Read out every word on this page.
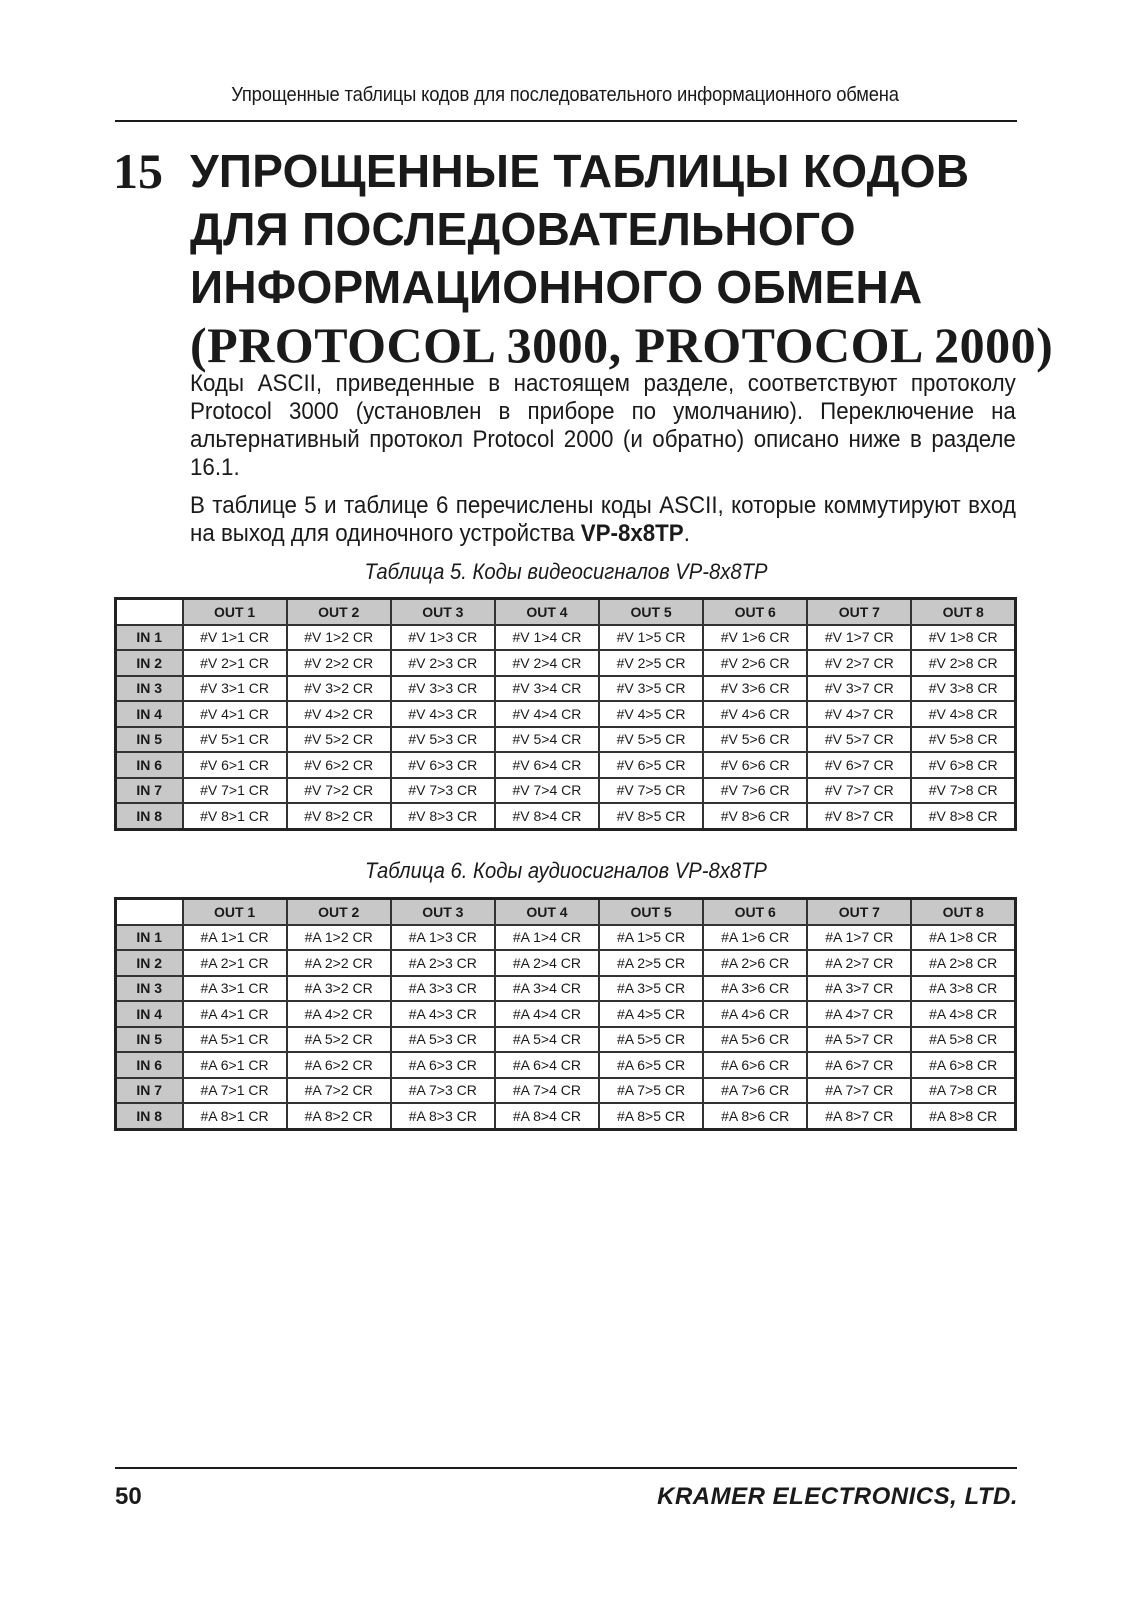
Упрощенные таблицы кодов для последовательного информационного обмена
15 УПРОЩЕННЫЕ ТАБЛИЦЫ КОДОВ
ДЛЯ ПОСЛЕДОВАТЕЛЬНОГО
ИНФОРМАЦИОННОГО ОБМЕНА
(PROTOCOL 3000, PROTOCOL 2000)

Коды ASCII, приведенные в настоящем разделе, соответствуют протоколу Protocol 3000 (установлен в приборе по умолчанию). Переключение на альтернативный протокол Protocol 2000 (и обратно) описано ниже в разделе 16.1.

В таблице 5 и таблице 6 перечислены коды ASCII, которые коммутируют вход на выход для одиночного устройства VP-8x8TP.

Таблица 5. Коды видеосигналов VP-8x8TP
	OUT 1	OUT 2	OUT 3	OUT 4	OUT 5	OUT 6	OUT 7	OUT 8
IN 1	#V 1>1 CR	#V 1>2 CR	#V 1>3 CR	#V 1>4 CR	#V 1>5 CR	#V 1>6 CR	#V 1>7 CR	#V 1>8 CR
IN 2	#V 2>1 CR	#V 2>2 CR	#V 2>3 CR	#V 2>4 CR	#V 2>5 CR	#V 2>6 CR	#V 2>7 CR	#V 2>8 CR
IN 3	#V 3>1 CR	#V 3>2 CR	#V 3>3 CR	#V 3>4 CR	#V 3>5 CR	#V 3>6 CR	#V 3>7 CR	#V 3>8 CR
IN 4	#V 4>1 CR	#V 4>2 CR	#V 4>3 CR	#V 4>4 CR	#V 4>5 CR	#V 4>6 CR	#V 4>7 CR	#V 4>8 CR
IN 5	#V 5>1 CR	#V 5>2 CR	#V 5>3 CR	#V 5>4 CR	#V 5>5 CR	#V 5>6 CR	#V 5>7 CR	#V 5>8 CR
IN 6	#V 6>1 CR	#V 6>2 CR	#V 6>3 CR	#V 6>4 CR	#V 6>5 CR	#V 6>6 CR	#V 6>7 CR	#V 6>8 CR
IN 7	#V 7>1 CR	#V 7>2 CR	#V 7>3 CR	#V 7>4 CR	#V 7>5 CR	#V 7>6 CR	#V 7>7 CR	#V 7>8 CR
IN 8	#V 8>1 CR	#V 8>2 CR	#V 8>3 CR	#V 8>4 CR	#V 8>5 CR	#V 8>6 CR	#V 8>7 CR	#V 8>8 CR
Таблица 6. Коды аудиосигналов VP-8x8TP
	OUT 1	OUT 2	OUT 3	OUT 4	OUT 5	OUT 6	OUT 7	OUT 8
IN 1	#A 1>1 CR	#A 1>2 CR	#A 1>3 CR	#A 1>4 CR	#A 1>5 CR	#A 1>6 CR	#A 1>7 CR	#A 1>8 CR
IN 2	#A 2>1 CR	#A 2>2 CR	#A 2>3 CR	#A 2>4 CR	#A 2>5 CR	#A 2>6 CR	#A 2>7 CR	#A 2>8 CR
IN 3	#A 3>1 CR	#A 3>2 CR	#A 3>3 CR	#A 3>4 CR	#A 3>5 CR	#A 3>6 CR	#A 3>7 CR	#A 3>8 CR
IN 4	#A 4>1 CR	#A 4>2 CR	#A 4>3 CR	#A 4>4 CR	#A 4>5 CR	#A 4>6 CR	#A 4>7 CR	#A 4>8 CR
IN 5	#A 5>1 CR	#A 5>2 CR	#A 5>3 CR	#A 5>4 CR	#A 5>5 CR	#A 5>6 CR	#A 5>7 CR	#A 5>8 CR
IN 6	#A 6>1 CR	#A 6>2 CR	#A 6>3 CR	#A 6>4 CR	#A 6>5 CR	#A 6>6 CR	#A 6>7 CR	#A 6>8 CR
IN 7	#A 7>1 CR	#A 7>2 CR	#A 7>3 CR	#A 7>4 CR	#A 7>5 CR	#A 7>6 CR	#A 7>7 CR	#A 7>8 CR
IN 8	#A 8>1 CR	#A 8>2 CR	#A 8>3 CR	#A 8>4 CR	#A 8>5 CR	#A 8>6 CR	#A 8>7 CR	#A 8>8 CR
50	KRAMER ELECTRONICS, LTD.
